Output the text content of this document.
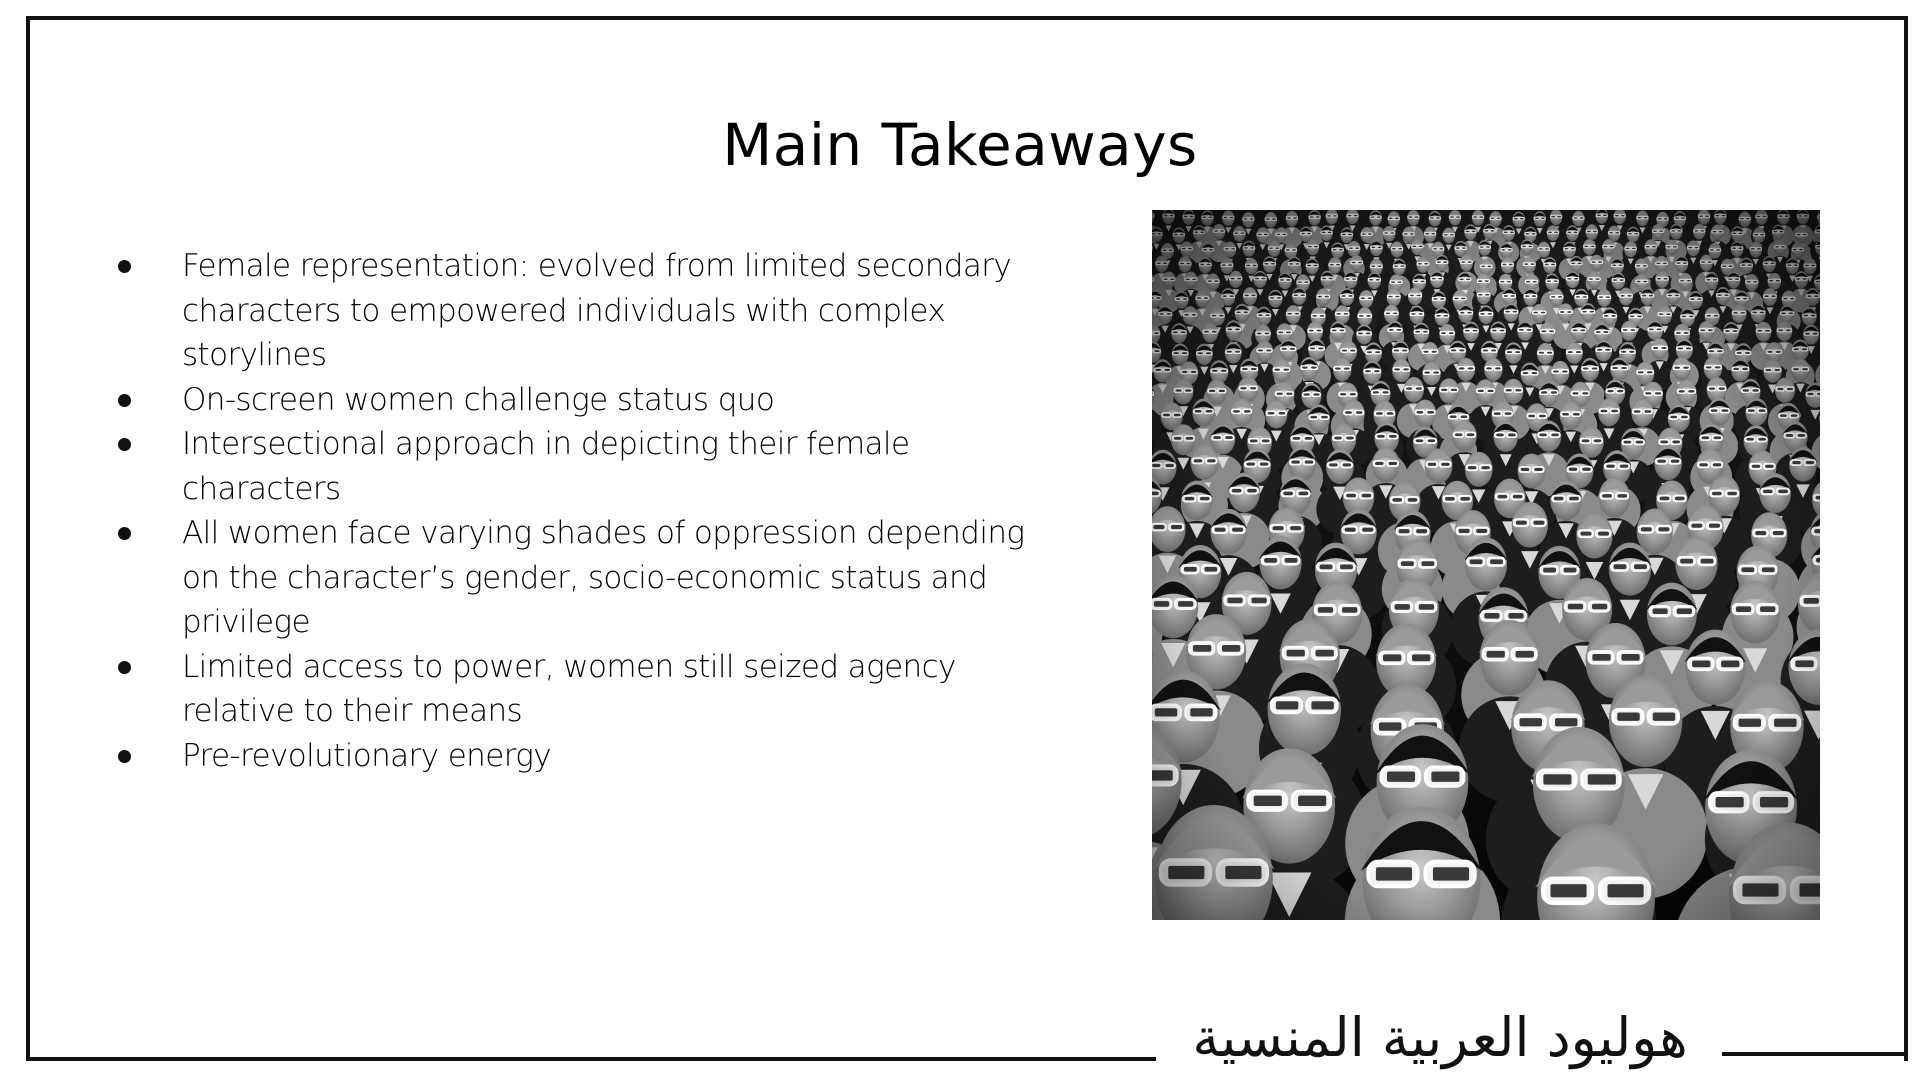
Main Takeaways
Female representation: evolved from limited secondary characters to empowered individuals with complex storylines
On-screen women challenge status quo
Intersectional approach in depicting their female characters
All women face varying shades of oppression depending on the character’s gender, socio-economic status and privilege
Limited access to power, women still seized agency relative to their means
Pre-revolutionary energy
هوليود العربية المنسية
